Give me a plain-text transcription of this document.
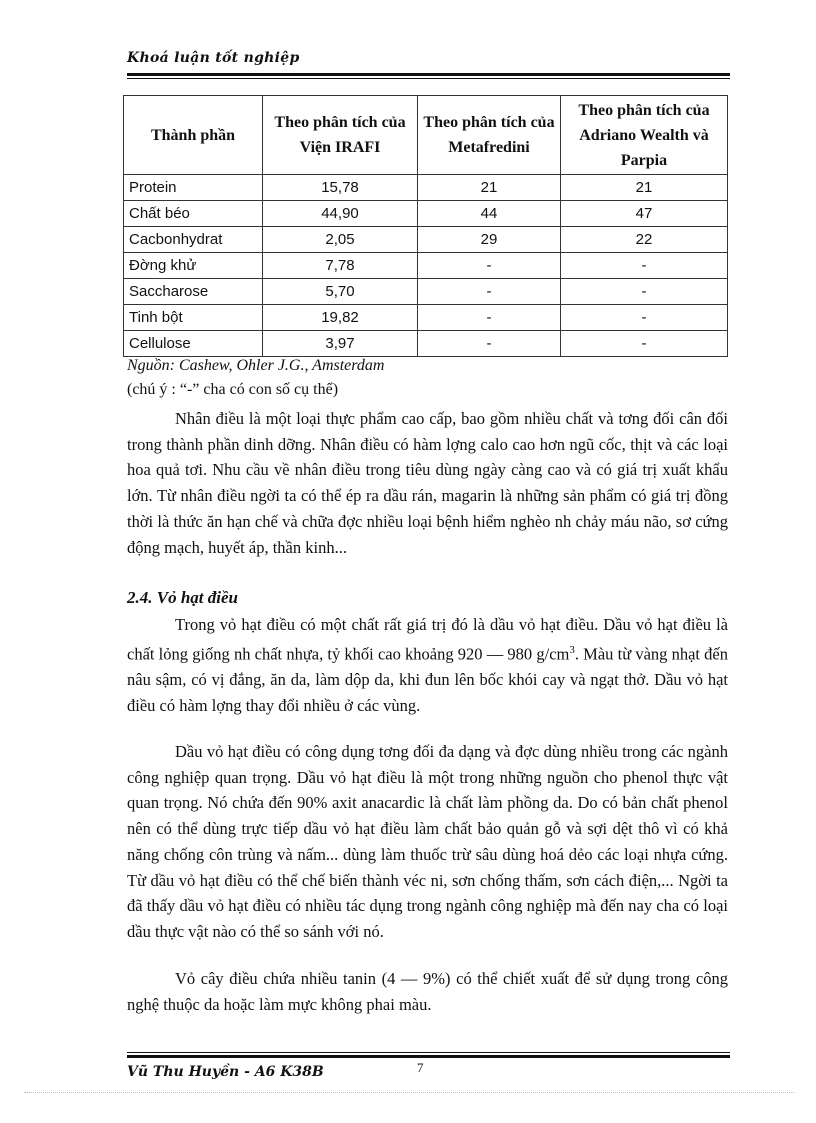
Khoá luận tốt nghiệp
Thành phần	Theo phân tích của Viện IRAFI	Theo phân tích của Metafredini	Theo phân tích của Adriano Wealth và Parpia
Protein	15,78	21	21
Chất béo	44,90	44	47
Cacbonhydrat	2,05	29	22
Đờng khử	7,78	-	-
Saccharose	5,70	-	-
Tinh bột	19,82	-	-
Cellulose	3,97	-	-
Nguồn: Cashew, Ohler J.G., Amsterdam
(chú ý : “-” cha có con số cụ thể)

Nhân điều là một loại thực phẩm cao cấp, bao gồm nhiều chất và tơng đối cân đối trong thành phần dinh dỡng. Nhân điều có hàm lợng calo cao hơn ngũ cốc, thịt và các loại hoa quả tơi. Nhu cầu về nhân điều trong tiêu dùng ngày càng cao và có giá trị xuất khẩu lớn. Từ nhân điều ngời ta có thể ép ra dầu rán, magarin là những sản phẩm có giá trị đồng thời là thức ăn hạn chế và chữa đợc nhiều loại bệnh hiểm nghèo nh chảy máu não, sơ cứng động mạch, huyết áp, thần kinh...

2.4. Vỏ hạt điều

Trong vỏ hạt điều có một chất rất giá trị đó là dầu vỏ hạt điều. Dầu vỏ hạt điều là chất lỏng giống nh chất nhựa, tỷ khối cao khoảng 920 — 980 $g/cm^3$. Màu từ vàng nhạt đến nâu sậm, có vị đắng, ăn da, làm dộp da, khi đun lên bốc khói cay và ngạt thở. Dầu vỏ hạt điều có hàm lợng thay đổi nhiều ở các vùng.

Dầu vỏ hạt điều có công dụng tơng đối đa dạng và đợc dùng nhiều trong các ngành công nghiệp quan trọng. Dầu vỏ hạt điều là một trong những nguồn cho phenol thực vật quan trọng. Nó chứa đến 90% axit anacardic là chất làm phồng da. Do có bản chất phenol nên có thể dùng trực tiếp dầu vỏ hạt điều làm chất bảo quản gỗ và sợi dệt thô vì có khả năng chống côn trùng và nấm... dùng làm thuốc trừ sâu dùng hoá dẻo các loại nhựa cứng. Từ dầu vỏ hạt điều có thể chế biến thành véc ni, sơn chống thấm, sơn cách điện,... Ngời ta đã thấy dầu vỏ hạt điều có nhiều tác dụng trong ngành công nghiệp mà đến nay cha có loại dầu thực vật nào có thể so sánh với nó.

Vỏ cây điều chứa nhiều tanin (4 — 9%) có thể chiết xuất để sử dụng trong công nghệ thuộc da hoặc làm mực không phai màu.

Vũ Thu Huyền - A6 K38B	7
